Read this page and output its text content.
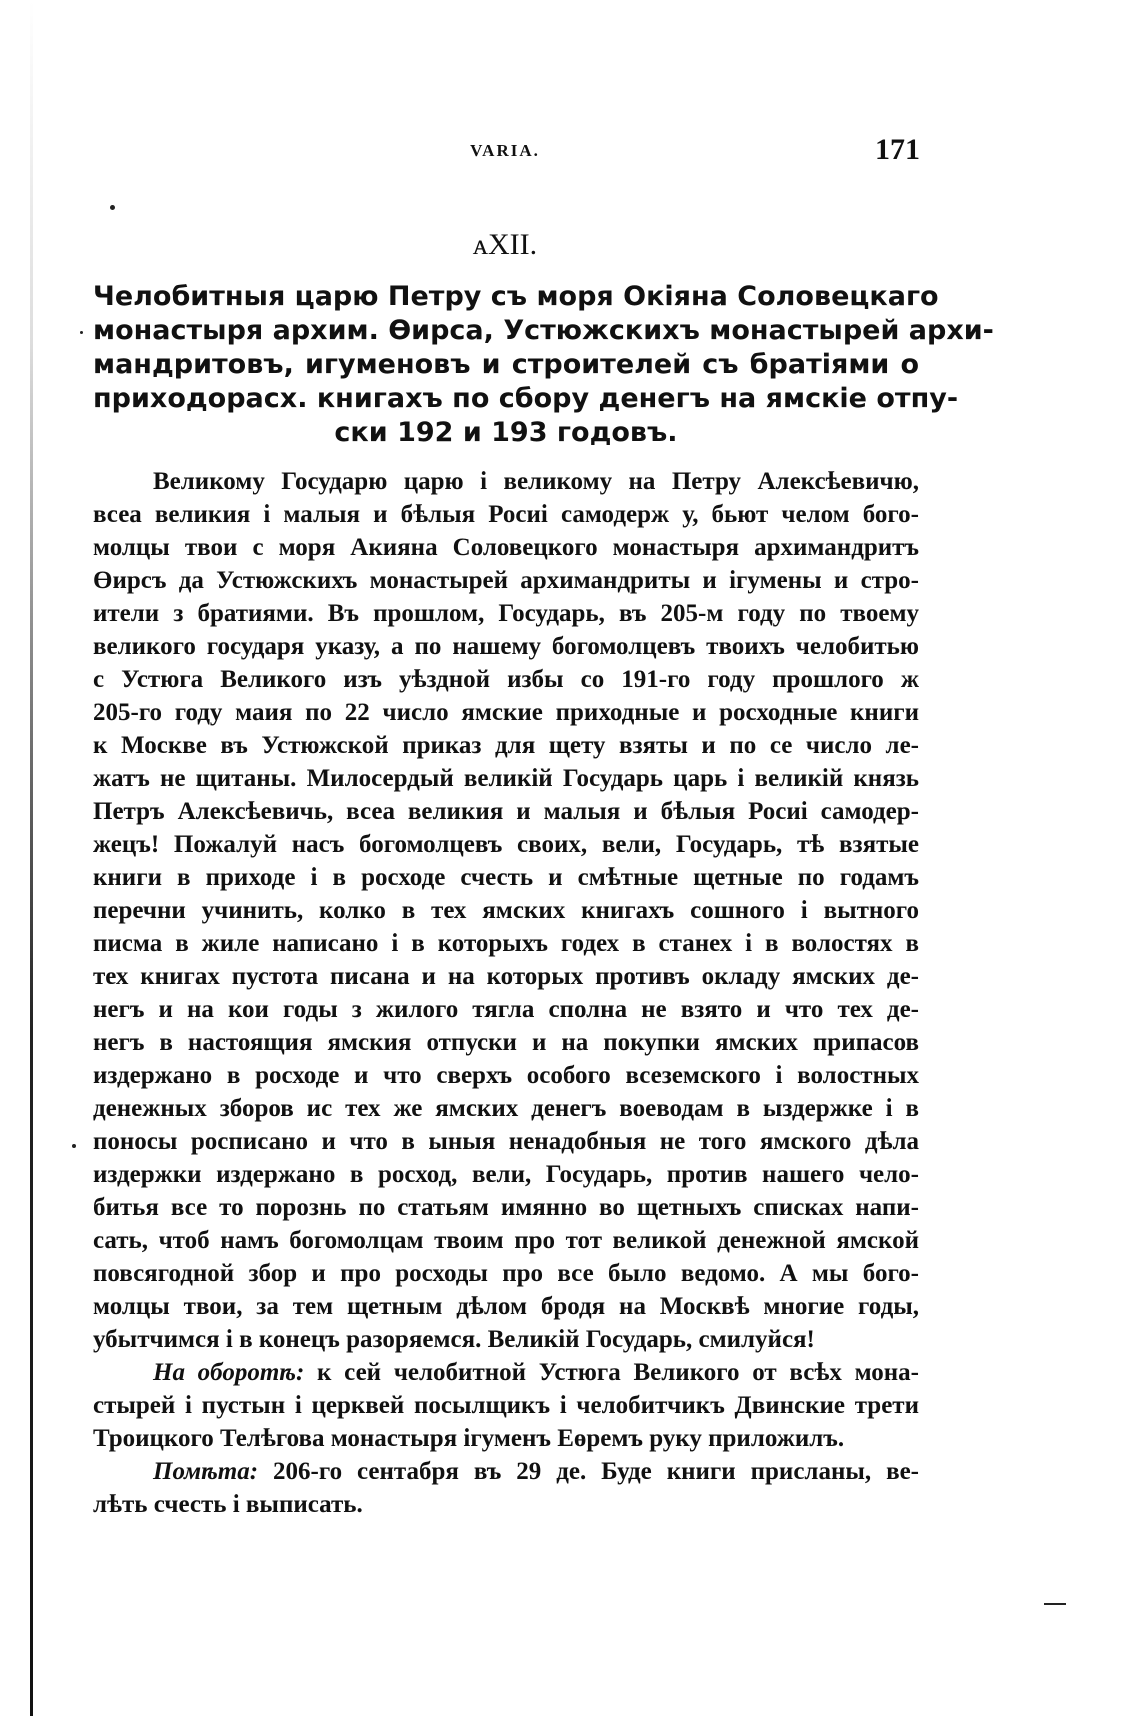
VARIA.	171
ᴀXII.
Челобитныя царю Петру съ моря Окіяна Соловецкаго
монастыря архим. Өирса, Устюжскихъ монастырей архи-
мандритовъ, игуменовъ и строителей съ братіями о
приходорасх. книгахъ по сбору денегъ на ямскіе отпу-
ски 192 и 193 годовъ.
Великому Государю царю і великому на Петру Алексѣевичю,
всеа великия і малыя и бѣлыя Росиі самодерж у, бьют челом бого-
молцы твои с моря Акияна Соловецкого монастыря архимандритъ
Өирсъ да Устюжскихъ монастырей архимандриты и ігумены и стро-
ители з братиями. Въ прошлом, Государь, въ 205-м году по твоему
великого государя указу, а по нашему богомолцевъ твоихъ челобитью
с Устюга Великого изъ уѣздной избы со 191-го году прошлого ж
205-го году маия по 22 число ямские приходные и росходные книги
к Москве въ Устюжской приказ для щету взяты и по се число ле-
жатъ не щитаны. Милосердый великій Государь царь і великій князь
Петръ Алексѣевичь, всеа великия и малыя и бѣлыя Росиі самодер-
жецъ! Пожалуй насъ богомолцевъ своих, вели, Государь, тѣ взятые
книги в приходе і в росходе счесть и смѣтные щетные по годамъ
перечни учинить, колко в тех ямских книгахъ сошного і вытного
писма в жиле написано і в которыхъ годех в станех і в волостях в
тех книгах пустота писана и на которых противъ окладу ямских де-
негъ и на кои годы з жилого тягла сполна не взято и что тех де-
негъ в настоящия ямския отпуски и на покупки ямских припасов
издержано в росходе и что сверхъ особого всеземского і волостных
денежных зборов ис тех же ямских денегъ воеводам в ыздержке і в
поносы росписано и что в ыныя ненадобныя не того ямского дѣла
издержки издержано в росход, вели, Государь, против нашего чело-
битья все то порознь по статьям имянно во щетныхъ списках напи-
сать, чтоб намъ богомолцам твоим про тот великой денежной ямской
повсягодной збор и про росходы про все было ведомо. А мы бого-
молцы твои, за тем щетным дѣлом бродя на Москвѣ многие годы,
убытчимся і в конецъ разоряемся. Великій Государь, смилуйся!
На оборотѣ: к сей челобитной Устюга Великого от всѣх мона-
стырей і пустын і церквей посылщикъ і челобитчикъ Двинские трети
Троицкого Телѣгова монастыря ігуменъ Еөремъ руку приложилъ.
Помѣта: 206-го сентабря въ 29 де. Буде книги присланы, ве-
лѣть счесть і выписать.
